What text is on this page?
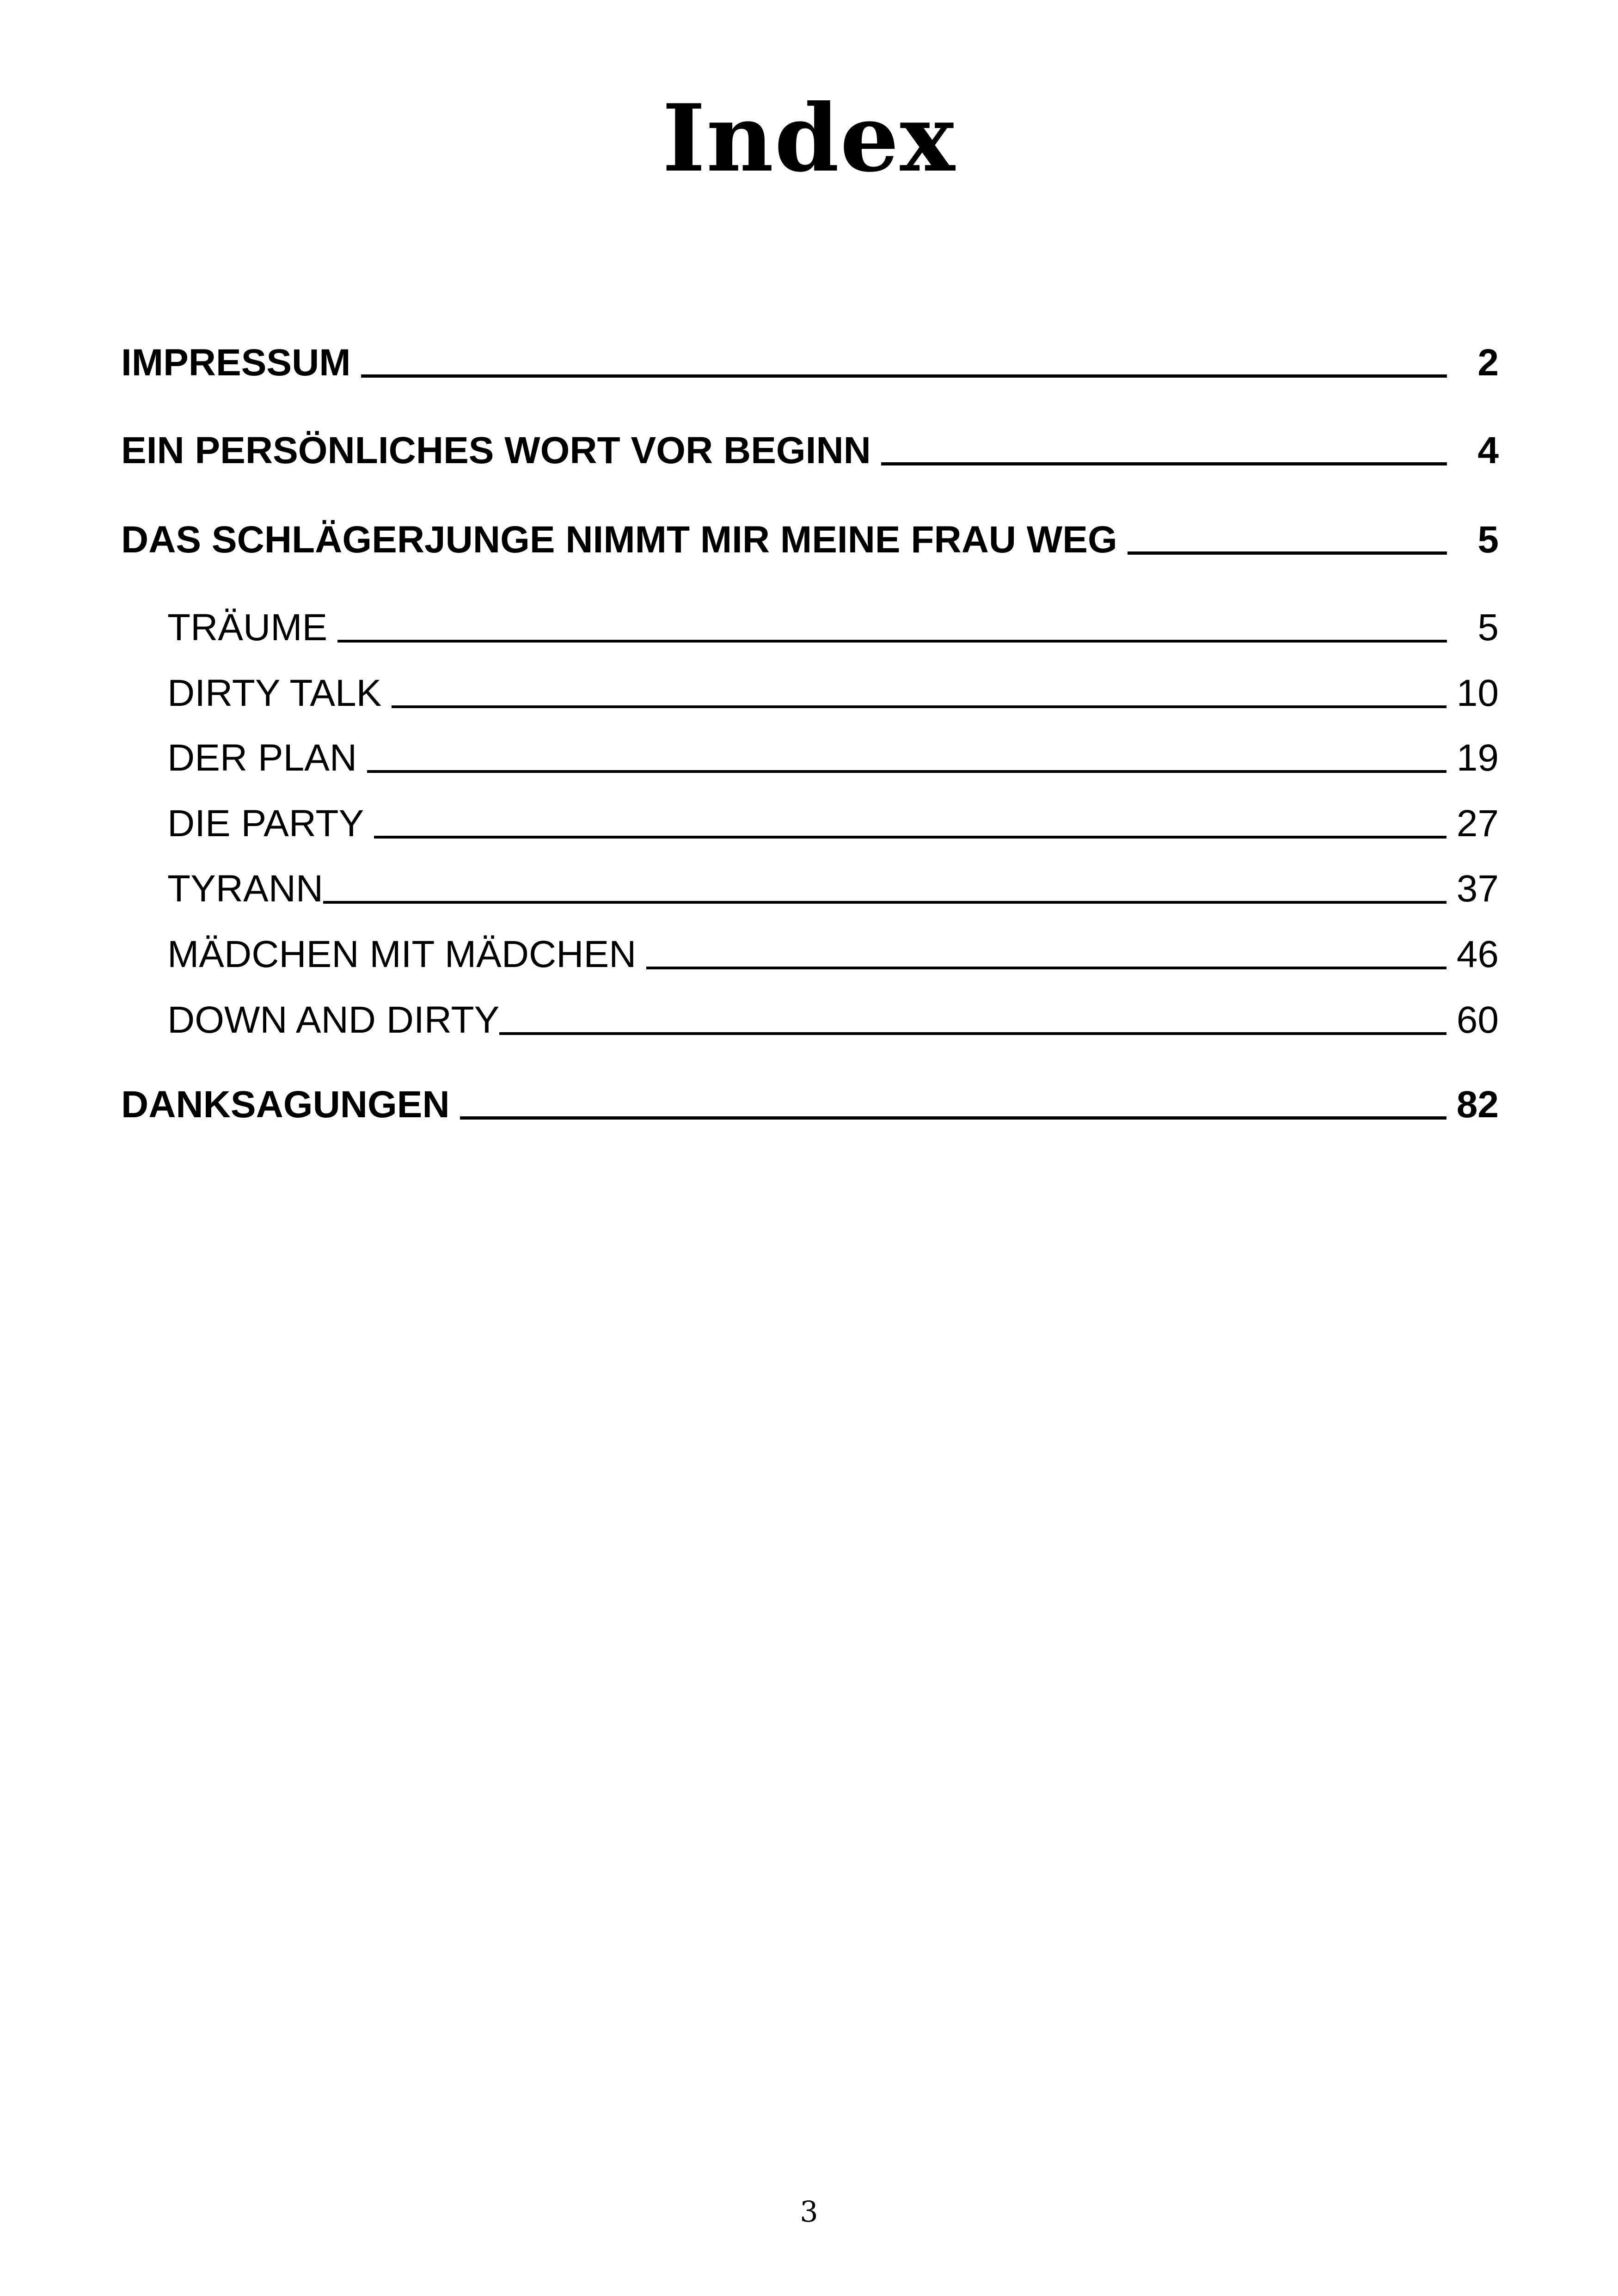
Index
IMPRESSUM	2
EIN PERSÖNLICHES WORT VOR BEGINN	4
DAS SCHLÄGERJUNGE NIMMT MIR MEINE FRAU WEG	5
TRÄUME	5
DIRTY TALK	10
DER PLAN	19
DIE PARTY	27
TYRANN	37
MÄDCHEN MIT MÄDCHEN	46
DOWN AND DIRTY	60
DANKSAGUNGEN	82
3
